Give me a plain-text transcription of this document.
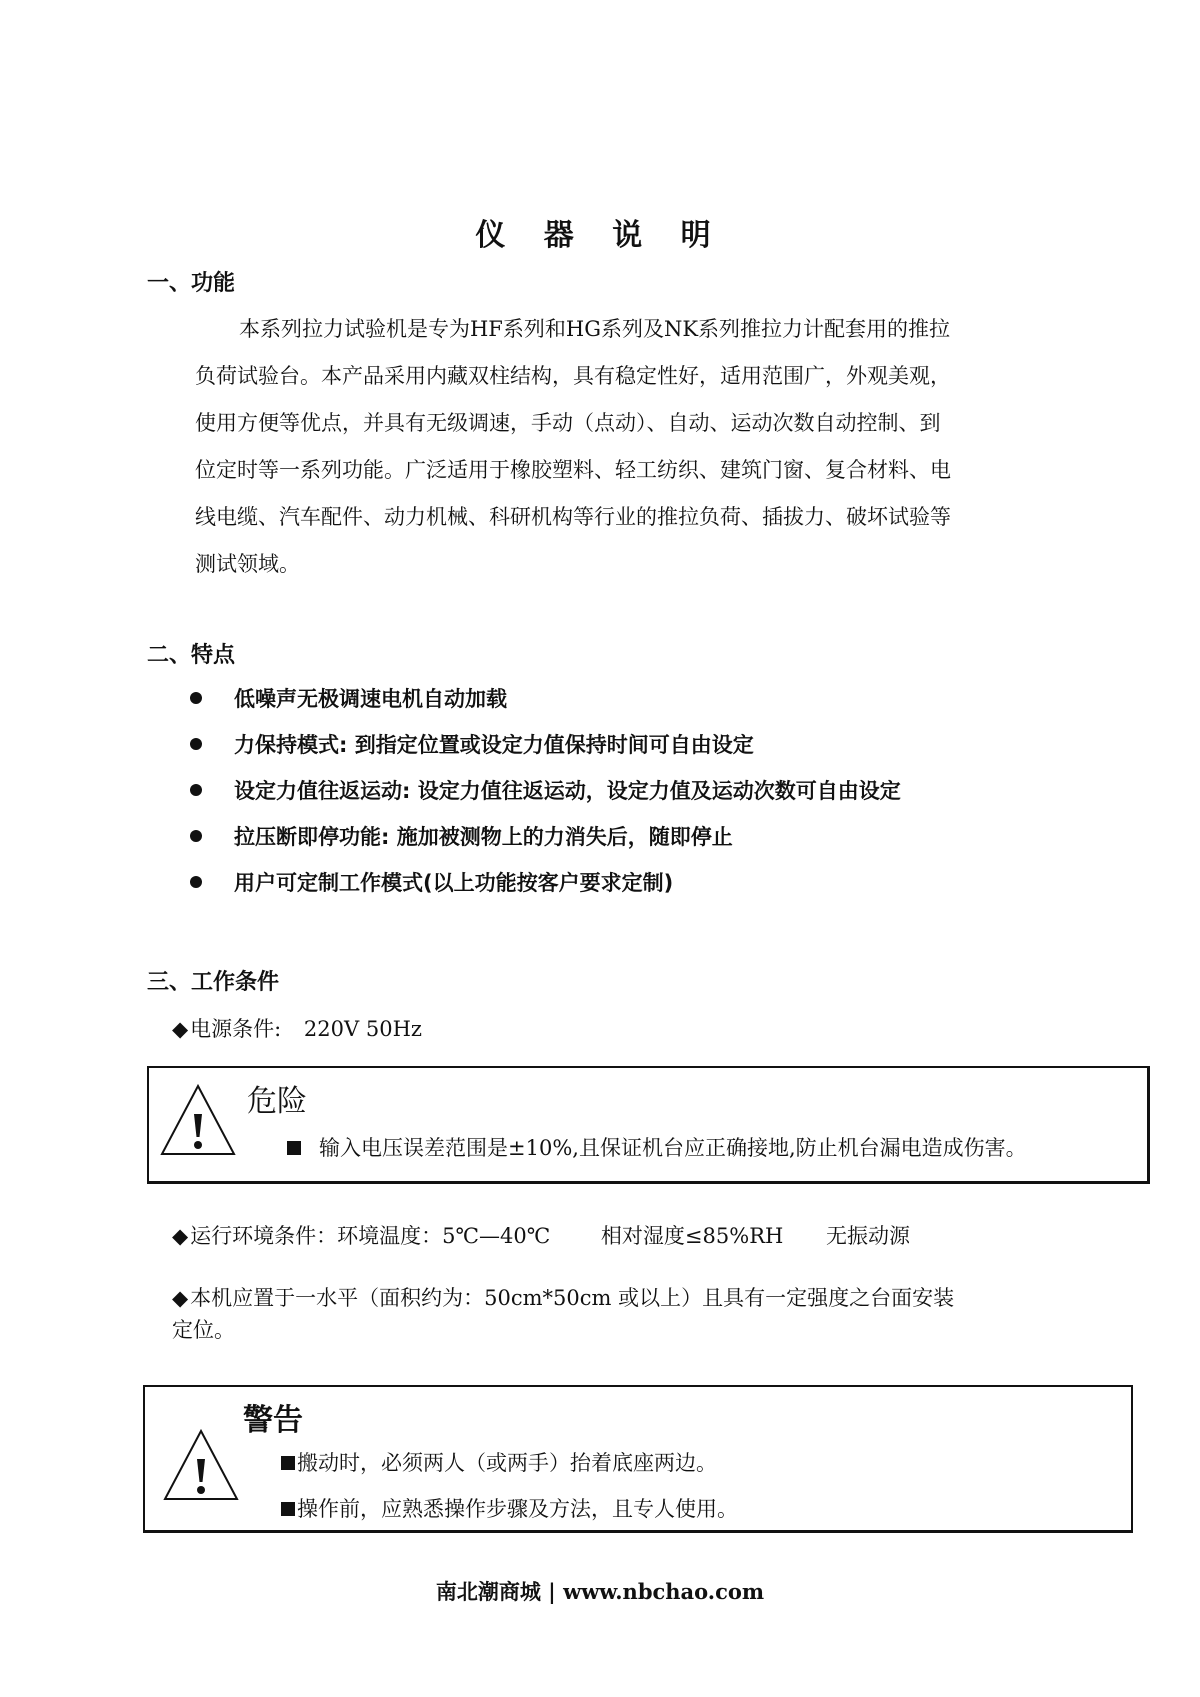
仪 器 说 明
一、功能
本系列拉力试验机是专为HF系列和HG系列及NK系列推拉力计配套用的推拉
负荷试验台。本产品采用内藏双柱结构，具有稳定性好，适用范围广，外观美观，
使用方便等优点，并具有无级调速，手动（点动）、自动、运动次数自动控制、到
位定时等一系列功能。广泛适用于橡胶塑料、轻工纺织、建筑门窗、复合材料、电
线电缆、汽车配件、动力机械、科研机构等行业的推拉负荷、插拔力、破坏试验等
测试领域。
二、特点
低噪声无极调速电机自动加载
力保持模式: 到指定位置或设定力值保持时间可自由设定
设定力值往返运动: 设定力值往返运动，设定力值及运动次数可自由设定
拉压断即停功能: 施加被测物上的力消失后，随即停止
用户可定制工作模式(以上功能按客户要求定制)
三、工作条件
◆电源条件: 220V 50Hz
危险
输入电压误差范围是±10%,且保证机台应正确接地,防止机台漏电造成伤害。
◆运行环境条件：环境温度：5℃—40℃ 相对湿度≤85%RH 无振动源
◆本机应置于一水平（面积约为：50cm*50cm 或以上）且具有一定强度之台面安装
定位。
警告
搬动时，必须两人（或两手）抬着底座两边。
操作前，应熟悉操作步骤及方法，且专人使用。
南北潮商城 | www.nbchao.com
